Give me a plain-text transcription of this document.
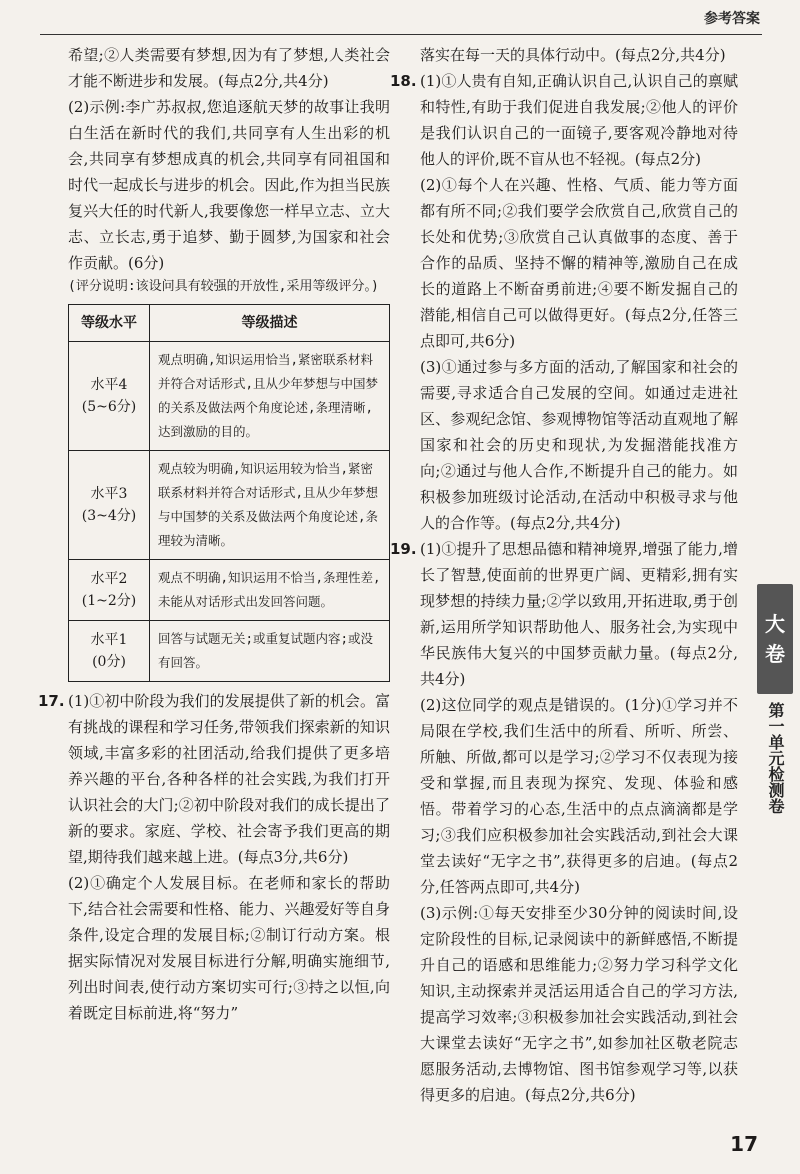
参考答案

希望;②人类需要有梦想,因为有了梦想,人类社会才能不断进步和发展。(每点2分,共4分)

(2)示例:李广苏叔叔,您追逐航天梦的故事让我明白生活在新时代的我们,共同享有人生出彩的机会,共同享有梦想成真的机会,共同享有同祖国和时代一起成长与进步的机会。因此,作为担当民族复兴大任的时代新人,我要像您一样早立志、立大志、立长志,勇于追梦、勤于圆梦,为国家和社会作贡献。(6分)

(评分说明:该设问具有较强的开放性,采用等级评分。)

等级水平	等级描述

水平4
(5~6分)	观点明确,知识运用恰当,紧密联系材料并符合对话形式,且从少年梦想与中国梦的关系及做法两个角度论述,条理清晰,达到激励的目的。

水平3
(3~4分)	观点较为明确,知识运用较为恰当,紧密联系材料并符合对话形式,且从少年梦想与中国梦的关系及做法两个角度论述,条理较为清晰。

水平2
(1~2分)	观点不明确,知识运用不恰当,条理性差,未能从对话形式出发回答问题。

水平1
(0分)	回答与试题无关;或重复试题内容;或没有回答。
17. (1)①初中阶段为我们的发展提供了新的机会。富有挑战的课程和学习任务,带领我们探索新的知识领域,丰富多彩的社团活动,给我们提供了更多培养兴趣的平台,各种各样的社会实践,为我们打开认识社会的大门;②初中阶段对我们的成长提出了新的要求。家庭、学校、社会寄予我们更高的期望,期待我们越来越上进。(每点3分,共6分)

(2)①确定个人发展目标。在老师和家长的帮助下,结合社会需要和性格、能力、兴趣爱好等自身条件,设定合理的发展目标;②制订行动方案。根据实际情况对发展目标进行分解,明确实施细节,列出时间表,使行动方案切实可行;③持之以恒,向着既定目标前进,将“努力”

落实在每一天的具体行动中。(每点2分,共4分)

18. (1)①人贵有自知,正确认识自己,认识自己的禀赋和特性,有助于我们促进自我发展;②他人的评价是我们认识自己的一面镜子,要客观冷静地对待他人的评价,既不盲从也不轻视。(每点2分)

(2)①每个人在兴趣、性格、气质、能力等方面都有所不同;②我们要学会欣赏自己,欣赏自己的长处和优势;③欣赏自己认真做事的态度、善于合作的品质、坚持不懈的精神等,激励自己在成长的道路上不断奋勇前进;④要不断发掘自己的潜能,相信自己可以做得更好。(每点2分,任答三点即可,共6分)

(3)①通过参与多方面的活动,了解国家和社会的需要,寻求适合自己发展的空间。如通过走进社区、参观纪念馆、参观博物馆等活动直观地了解国家和社会的历史和现状,为发掘潜能找准方向;②通过与他人合作,不断提升自己的能力。如积极参加班级讨论活动,在活动中积极寻求与他人的合作等。(每点2分,共4分)

19. (1)①提升了思想品德和精神境界,增强了能力,增长了智慧,使面前的世界更广阔、更精彩,拥有实现梦想的持续力量;②学以致用,开拓进取,勇于创新,运用所学知识帮助他人、服务社会,为实现中华民族伟大复兴的中国梦贡献力量。(每点2分,共4分)

(2)这位同学的观点是错误的。(1分)①学习并不局限在学校,我们生活中的所看、所听、所尝、所触、所做,都可以是学习;②学习不仅表现为接受和掌握,而且表现为探究、发现、体验和感悟。带着学习的心态,生活中的点点滴滴都是学习;③我们应积极参加社会实践活动,到社会大课堂去读好“无字之书”,获得更多的启迪。(每点2分,任答两点即可,共4分)

(3)示例:①每天安排至少30分钟的阅读时间,设定阶段性的目标,记录阅读中的新鲜感悟,不断提升自己的语感和思维能力;②努力学习科学文化知识,主动探索并灵活运用适合自己的学习方法,提高学习效率;③积极参加社会实践活动,到社会大课堂去读好“无字之书”,如参加社区敬老院志愿服务活动,去博物馆、图书馆参观学习等,以获得更多的启迪。(每点2分,共6分)

大
卷
第一单元检测卷
17
